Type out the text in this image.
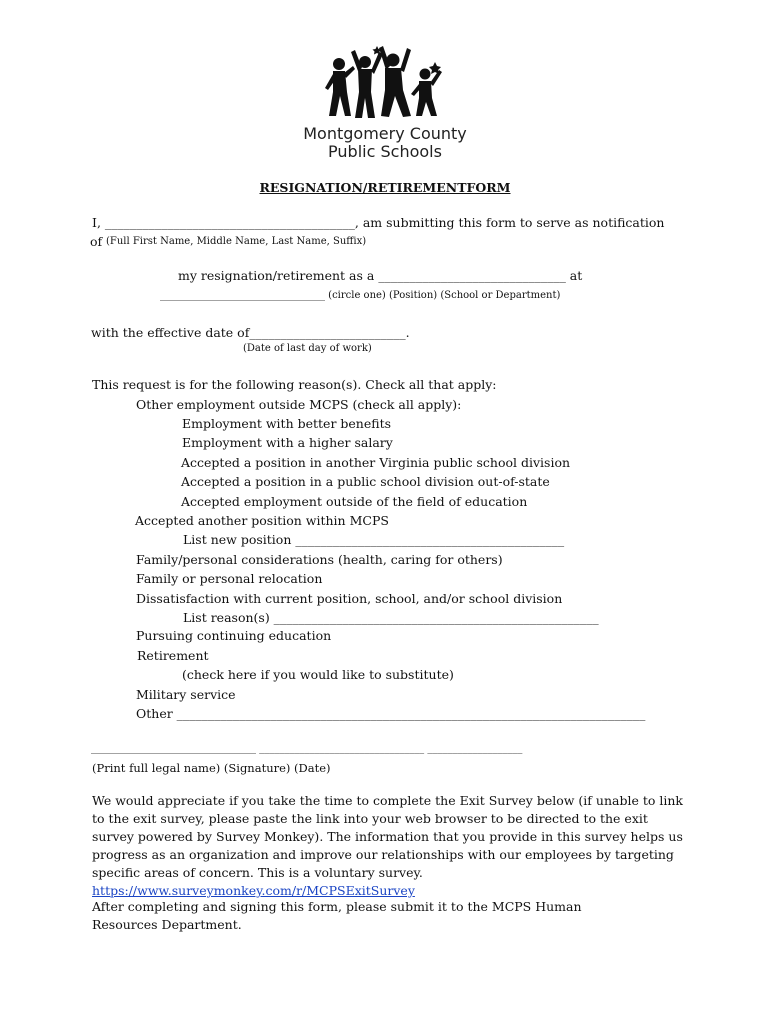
Montgomery County
Public Schools
RESIGNATION/RETIREMENTFORM
I, ________________________________________, am submitting this form to serve as notification
of (Full First Name, Middle Name, Last Name, Suffix)
my resignation/retirement as a ______________________________ at
_________________________________ (circle one) (Position) (School or Department)
with the effective date of_________________________.
(Date of last day of work)
This request is for the following reason(s). Check all that apply:
Other employment outside MCPS (check all apply):
Employment with better benefits
Employment with a higher salary
Accepted a position in another Virginia public school division
Accepted a position in a public school division out-of-state
Accepted employment outside of the field of education
Accepted another position within MCPS
List new position ___________________________________________
Family/personal considerations (health, caring for others)
Family or personal relocation
Dissatisfaction with current position, school, and/or school division
List reason(s) ____________________________________________________
Pursuing continuing education
Retirement
(check here if you would like to substitute)
Military service
Other ___________________________________________________________________________
_________________________________ _________________________________ ___________________
(Print full legal name) (Signature) (Date)
We would appreciate if you take the time to complete the Exit Survey below (if unable to link to the exit survey, please paste the link into your web browser to be directed to the exit survey powered by Survey Monkey). The information that you provide in this survey helps us progress as an organization and improve our relationships with our employees by targeting specific areas of concern. This is a voluntary survey. https://www.surveymonkey.com/r/MCPSExitSurvey
After completing and signing this form, please submit it to the MCPS Human Resources Department.
